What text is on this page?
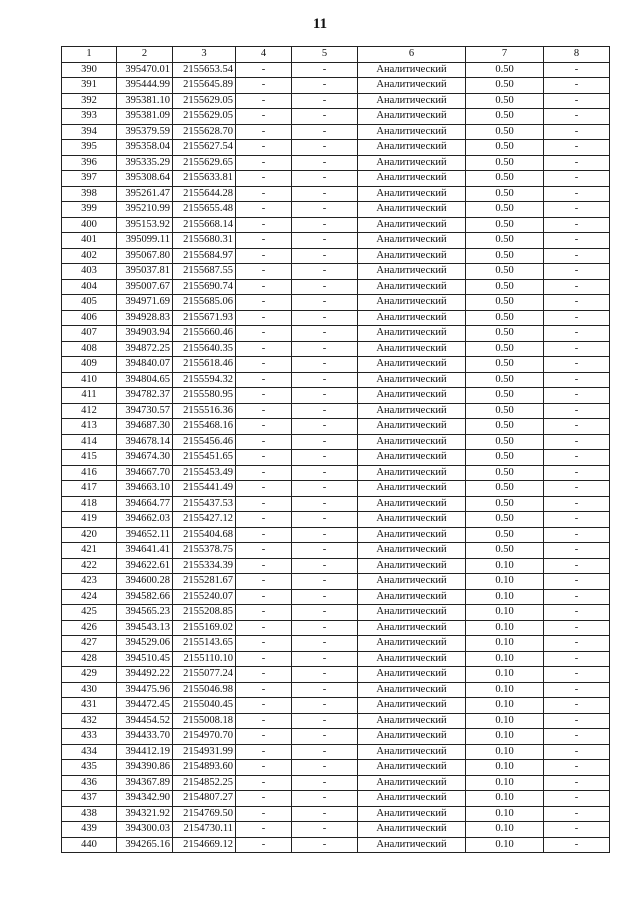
11
1	2	3	4	5	6	7	8
390	395470.01	2155653.54	-	-	Аналитический	0.50	-
391	395444.99	2155645.89	-	-	Аналитический	0.50	-
392	395381.10	2155629.05	-	-	Аналитический	0.50	-
393	395381.09	2155629.05	-	-	Аналитический	0.50	-
394	395379.59	2155628.70	-	-	Аналитический	0.50	-
395	395358.04	2155627.54	-	-	Аналитический	0.50	-
396	395335.29	2155629.65	-	-	Аналитический	0.50	-
397	395308.64	2155633.81	-	-	Аналитический	0.50	-
398	395261.47	2155644.28	-	-	Аналитический	0.50	-
399	395210.99	2155655.48	-	-	Аналитический	0.50	-
400	395153.92	2155668.14	-	-	Аналитический	0.50	-
401	395099.11	2155680.31	-	-	Аналитический	0.50	-
402	395067.80	2155684.97	-	-	Аналитический	0.50	-
403	395037.81	2155687.55	-	-	Аналитический	0.50	-
404	395007.67	2155690.74	-	-	Аналитический	0.50	-
405	394971.69	2155685.06	-	-	Аналитический	0.50	-
406	394928.83	2155671.93	-	-	Аналитический	0.50	-
407	394903.94	2155660.46	-	-	Аналитический	0.50	-
408	394872.25	2155640.35	-	-	Аналитический	0.50	-
409	394840.07	2155618.46	-	-	Аналитический	0.50	-
410	394804.65	2155594.32	-	-	Аналитический	0.50	-
411	394782.37	2155580.95	-	-	Аналитический	0.50	-
412	394730.57	2155516.36	-	-	Аналитический	0.50	-
413	394687.30	2155468.16	-	-	Аналитический	0.50	-
414	394678.14	2155456.46	-	-	Аналитический	0.50	-
415	394674.30	2155451.65	-	-	Аналитический	0.50	-
416	394667.70	2155453.49	-	-	Аналитический	0.50	-
417	394663.10	2155441.49	-	-	Аналитический	0.50	-
418	394664.77	2155437.53	-	-	Аналитический	0.50	-
419	394662.03	2155427.12	-	-	Аналитический	0.50	-
420	394652.11	2155404.68	-	-	Аналитический	0.50	-
421	394641.41	2155378.75	-	-	Аналитический	0.50	-
422	394622.61	2155334.39	-	-	Аналитический	0.10	-
423	394600.28	2155281.67	-	-	Аналитический	0.10	-
424	394582.66	2155240.07	-	-	Аналитический	0.10	-
425	394565.23	2155208.85	-	-	Аналитический	0.10	-
426	394543.13	2155169.02	-	-	Аналитический	0.10	-
427	394529.06	2155143.65	-	-	Аналитический	0.10	-
428	394510.45	2155110.10	-	-	Аналитический	0.10	-
429	394492.22	2155077.24	-	-	Аналитический	0.10	-
430	394475.96	2155046.98	-	-	Аналитический	0.10	-
431	394472.45	2155040.45	-	-	Аналитический	0.10	-
432	394454.52	2155008.18	-	-	Аналитический	0.10	-
433	394433.70	2154970.70	-	-	Аналитический	0.10	-
434	394412.19	2154931.99	-	-	Аналитический	0.10	-
435	394390.86	2154893.60	-	-	Аналитический	0.10	-
436	394367.89	2154852.25	-	-	Аналитический	0.10	-
437	394342.90	2154807.27	-	-	Аналитический	0.10	-
438	394321.92	2154769.50	-	-	Аналитический	0.10	-
439	394300.03	2154730.11	-	-	Аналитический	0.10	-
440	394265.16	2154669.12	-	-	Аналитический	0.10	-
